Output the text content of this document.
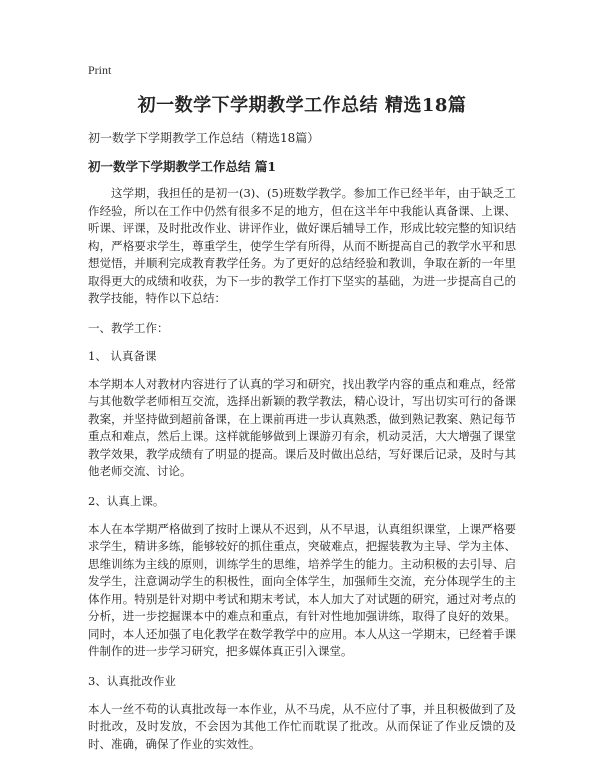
Print
初一数学下学期教学工作总结 精选18篇
初一数学下学期教学工作总结（精选18篇）
初一数学下学期教学工作总结 篇1

这学期，我担任的是初一(3)、(5)班数学教学。参加工作已经半年，由于缺乏工作经验，所以在工作中仍然有很多不足的地方，但在这半年中我能认真备课、上课、听课、评课，及时批改作业、讲评作业，做好课后辅导工作，形成比较完整的知识结构，严格要求学生，尊重学生，使学生学有所得，从而不断提高自己的教学水平和思想觉悟，并顺利完成教育教学任务。为了更好的总结经验和教训，争取在新的一年里取得更大的成绩和收获，为下一步的教学工作打下坚实的基础，为进一步提高自己的教学技能，特作以下总结：

一、教学工作：
1、 认真备课

本学期本人对教材内容进行了认真的学习和研究，找出教学内容的重点和难点，经常与其他数学老师相互交流，选择出新颖的教学教法，精心设计，写出切实可行的备课教案，并坚持做到超前备课，在上课前再进一步认真熟悉，做到熟记教案、熟记每节重点和难点，然后上课。这样就能够做到上课游刃有余，机动灵活，大大增强了课堂教学效果，教学成绩有了明显的提高。课后及时做出总结，写好课后记录，及时与其他老师交流、讨论。

2、认真上课。

本人在本学期严格做到了按时上课从不迟到，从不早退，认真组织课堂，上课严格要求学生，精讲多练，能够较好的抓住重点，突破难点，把握装教为主导、学为主体、思维训练为主线的原则，训练学生的思维，培养学生的能力。主动积极的去引导、启发学生，注意调动学生的积极性，面向全体学生，加强师生交流，充分体现学生的主体作用。特别是针对期中考试和期末考试，本人加大了对试题的研究，通过对考点的分析，进一步挖掘课本中的难点和重点，有针对性地加强讲练，取得了良好的效果。同时，本人还加强了电化教学在数学教学中的应用。本人从这一学期末，已经着手课件制作的进一步学习研究，把多媒体真正引入课堂。

3、认真批改作业

本人一丝不苟的认真批改每一本作业，从不马虎，从不应付了事，并且积极做到了及时批改，及时发放，不会因为其他工作忙而耽误了批改。从而保证了作业反馈的及时、准确，确保了作业的实效性。
